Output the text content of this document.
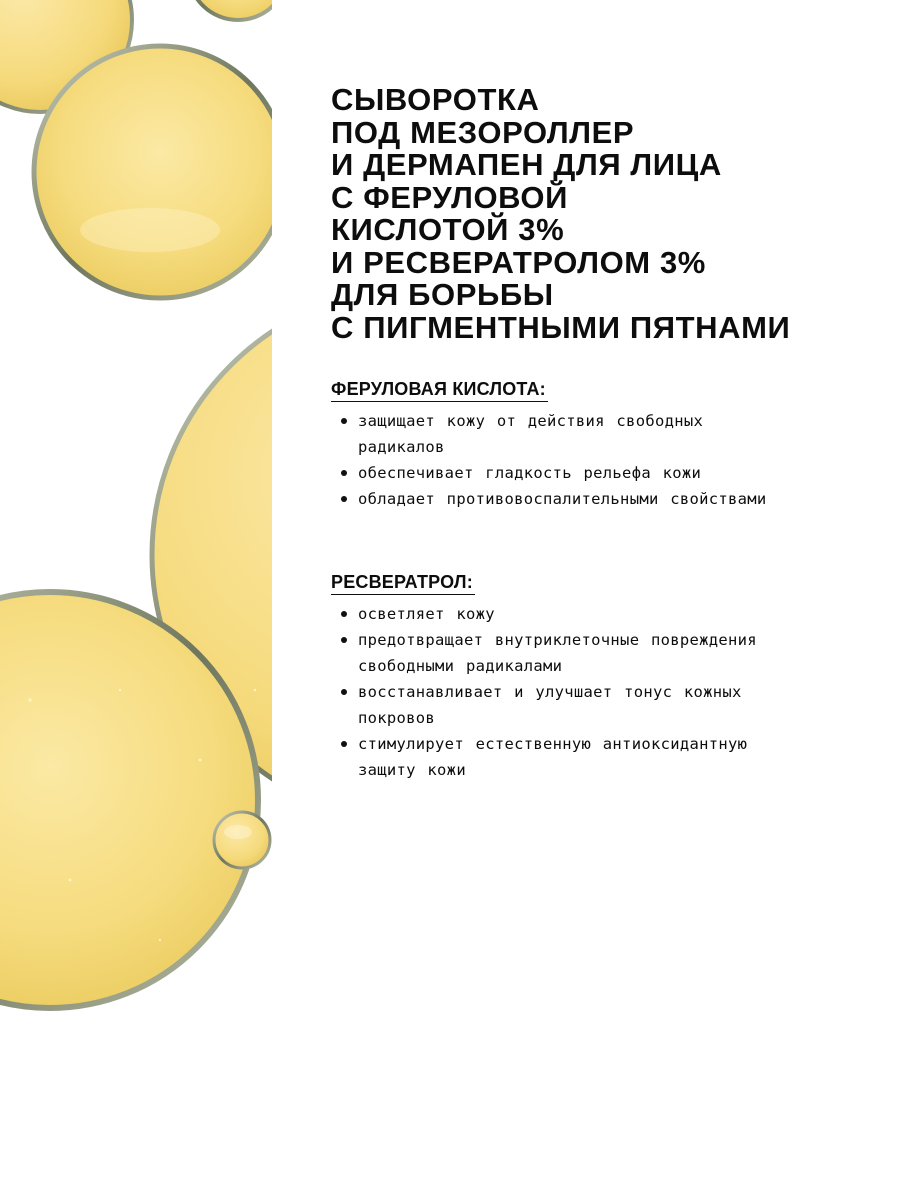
СЫВОРОТКА
ПОД МЕЗОРОЛЛЕР
И ДЕРМАПЕН ДЛЯ ЛИЦА
С ФЕРУЛОВОЙ
КИСЛОТОЙ 3%
И РЕСВЕРАТРОЛОМ 3%
ДЛЯ БОРЬБЫ
С ПИГМЕНТНЫМИ ПЯТНАМИ
ФЕРУЛОВАЯ КИСЛОТА:
защищает кожу от действия свободных радикалов
обеспечивает гладкость рельефа кожи
обладает противовоспалительными свойствами
РЕСВЕРАТРОЛ:
осветляет кожу
предотвращает внутриклеточные повреждения свободными радикалами
восстанавливает и улучшает тонус кожных покровов
стимулирует естественную антиоксидантную защиту кожи
